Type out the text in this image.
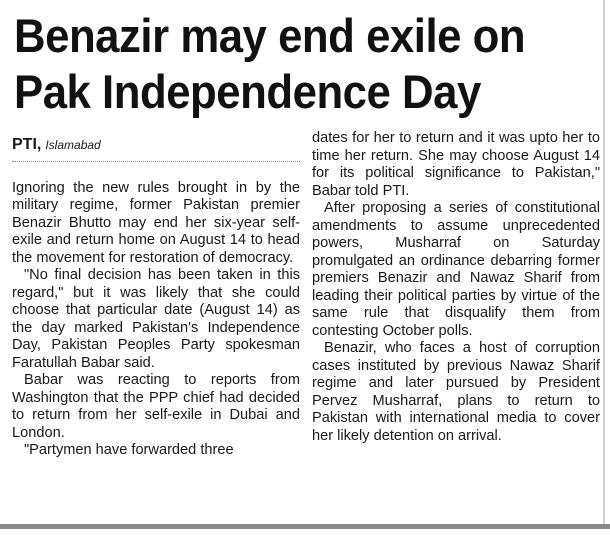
Benazir may end exile on
Pak Independence Day
PTI, Islamabad

Ignoring the new rules brought in by the military regime, former Pakistan premier Benazir Bhutto may end her six-year self-exile and return home on August 14 to head the movement for restoration of democracy.

"No final decision has been taken in this regard," but it was likely that she could choose that particular date (August 14) as the day marked Pakistan's Independence Day, Pakistan Peoples Party spokesman Faratullah Babar said.

Babar was reacting to reports from Washington that the PPP chief had decided to return from her self-exile in Dubai and London.

"Partymen have forwarded three

dates for her to return and it was upto her to time her return. She may choose August 14 for its political significance to Pakistan," Babar told PTI.

After proposing a series of constitutional amendments to assume unprecedented powers, Musharraf on Saturday promulgated an ordinance debarring former premiers Benazir and Nawaz Sharif from leading their political parties by virtue of the same rule that disqualify them from contesting October polls.

Benazir, who faces a host of corruption cases instituted by previous Nawaz Sharif regime and later pursued by President Pervez Musharraf, plans to return to Pakistan with international media to cover her likely detention on arrival.
